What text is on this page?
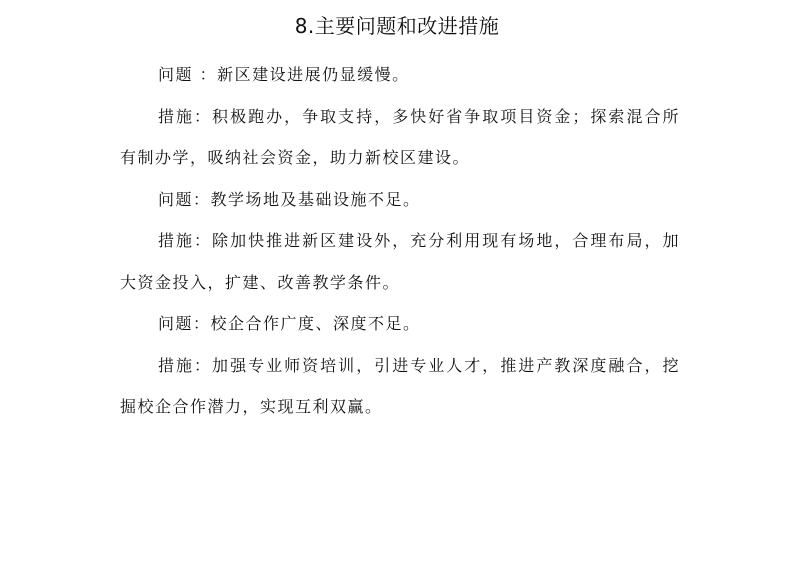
8.主要问题和改进措施

问题 ：新区建设进展仍显缓慢。

措施：积极跑办，争取支持，多快好省争取项目资金；探索混合所有制办学，吸纳社会资金，助力新校区建设。

问题：教学场地及基础设施不足。

措施：除加快推进新区建设外，充分利用现有场地，合理布局，加大资金投入，扩建、改善教学条件。

问题：校企合作广度、深度不足。

措施：加强专业师资培训，引进专业人才，推进产教深度融合，挖掘校企合作潜力，实现互利双赢。
